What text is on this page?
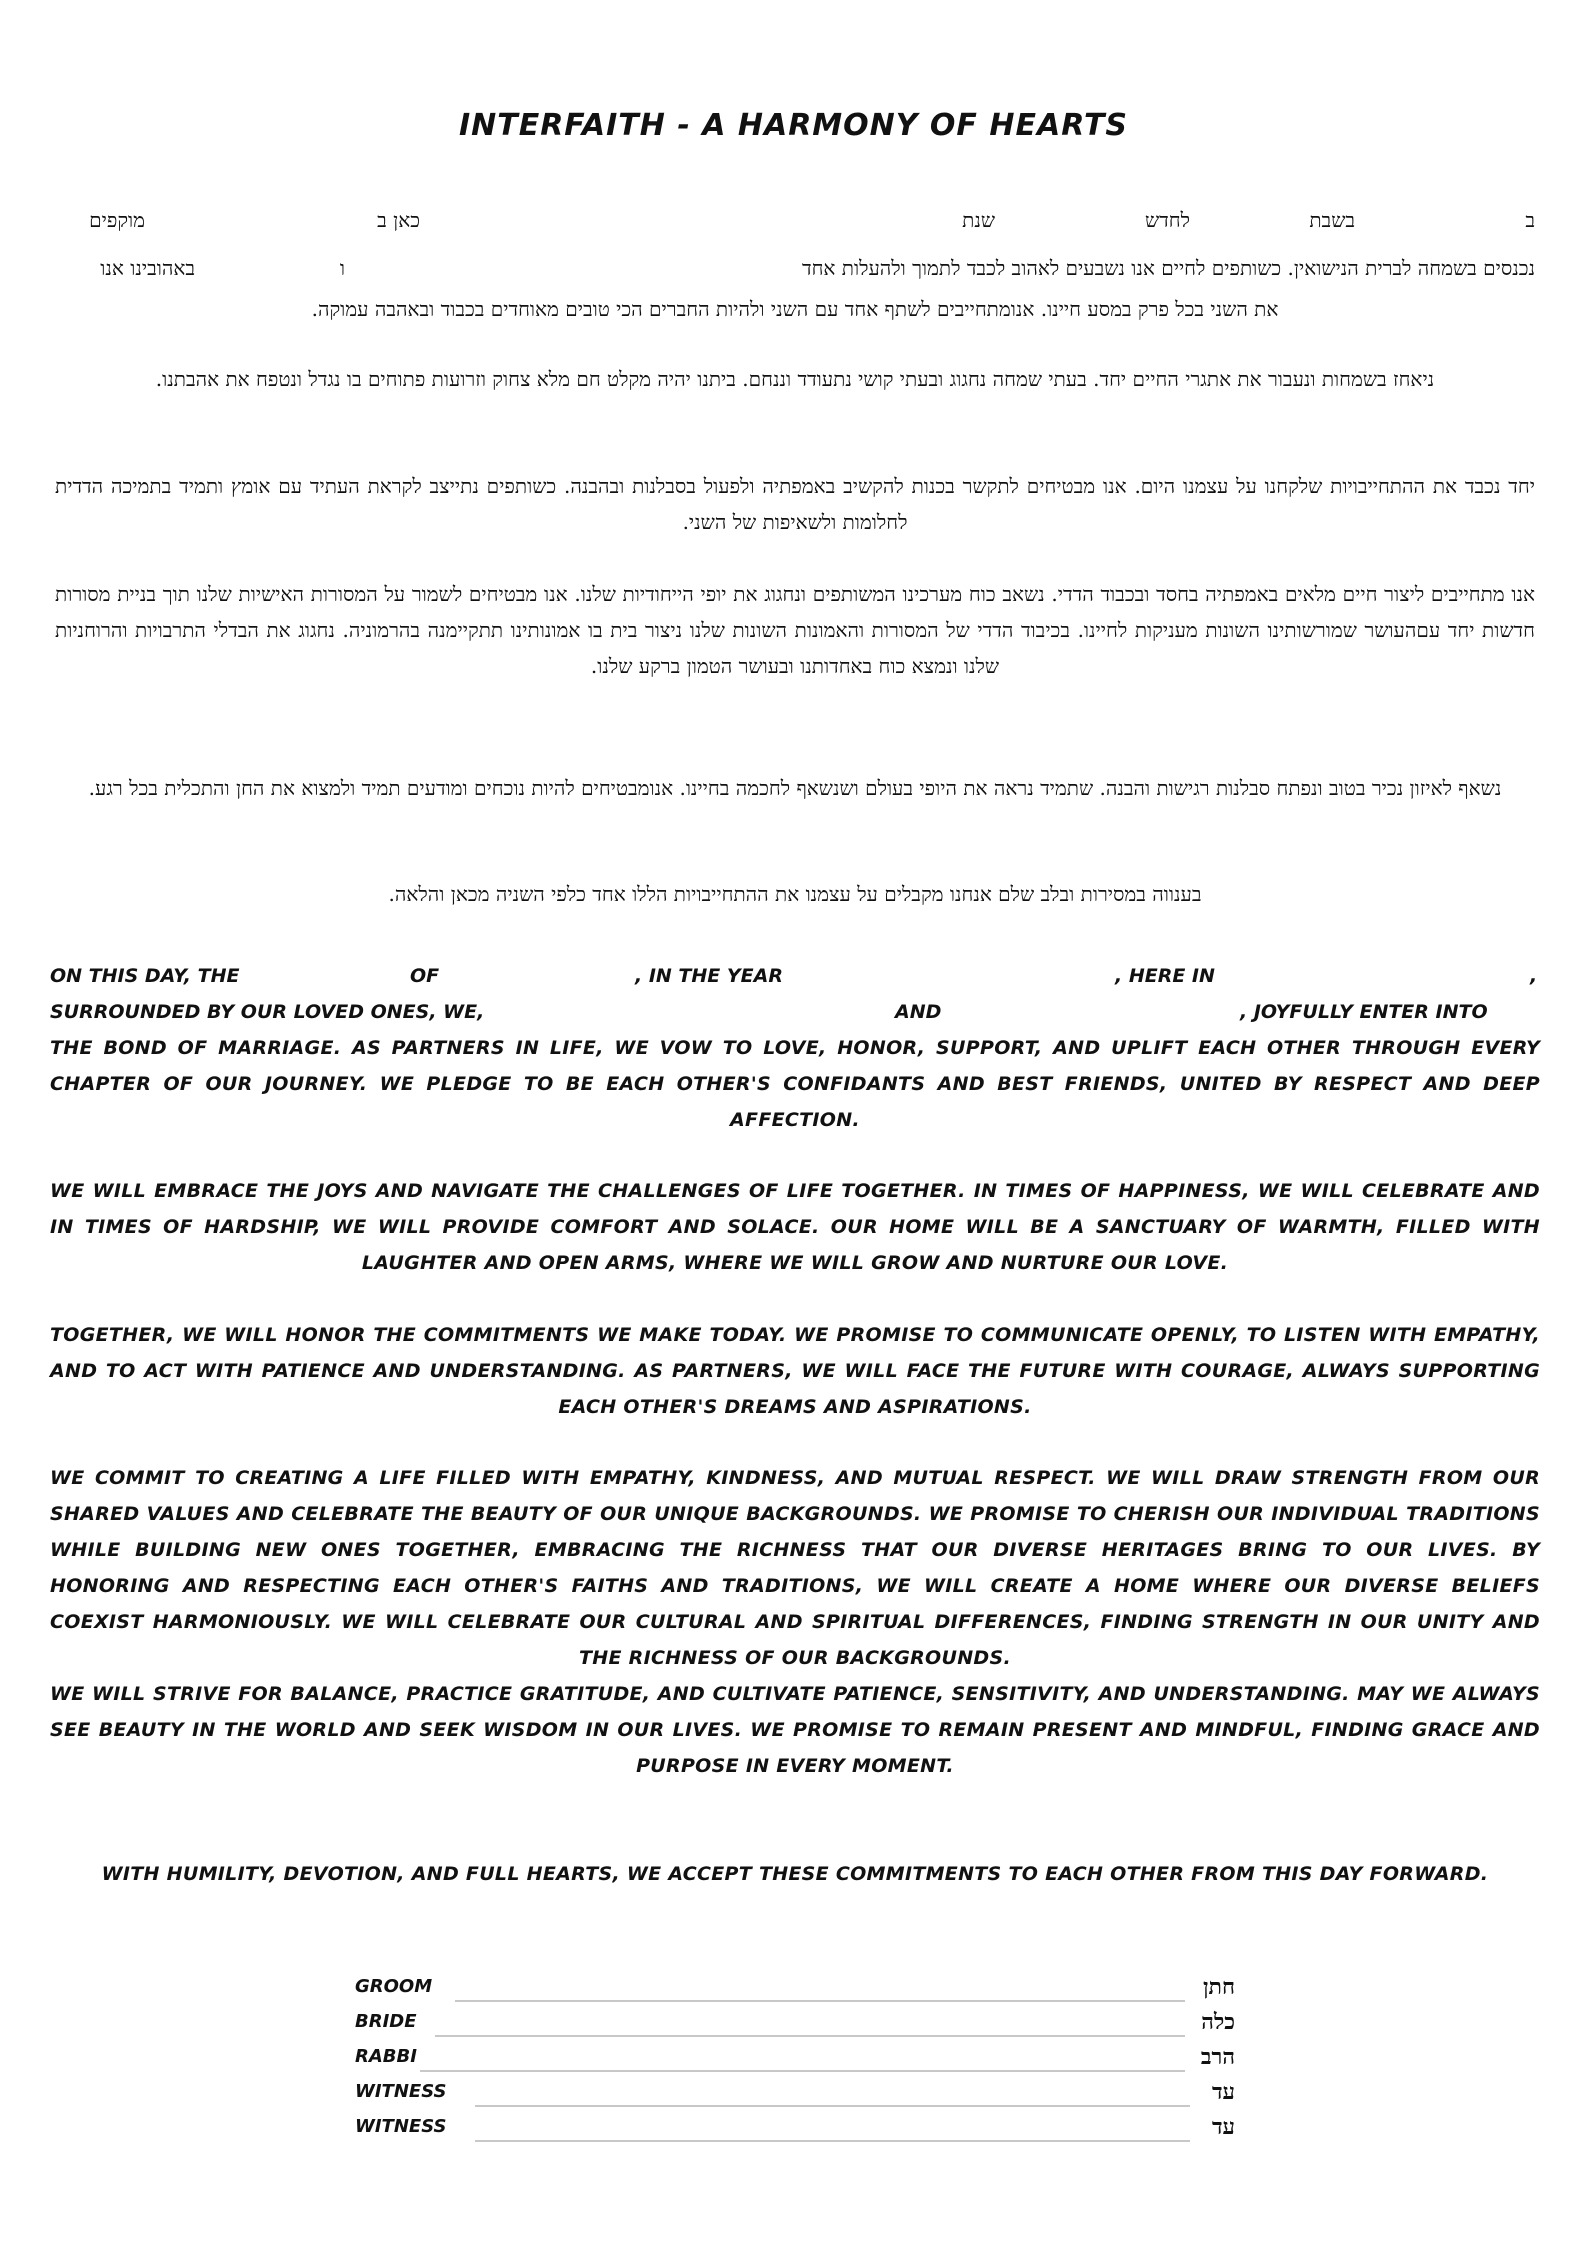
INTERFAITH - A HARMONY OF HEARTS
ב
בשבת
לחדש
שנת
כאן ב
מוקפים
באהובינו אנו	ו	נכנסים בשמחה לברית הנישואין. כשותפים לחיים אנו נשבעים לאהוב לכבד לתמוך ולהעלות אחד

את השני בכל פרק במסע חיינו. אנומתחייבים לשתף אחד עם השני ולהיות החברים הכי טובים מאוחדים בכבוד ובאהבה עמוקה.

ניאחז בשמחות ונעבור את אתגרי החיים יחד. בעתי שמחה נחגוג ובעתי קושי נתעודד וננחם. ביתנו יהיה מקלט חם מלא צחוק וזרועות פתוחים בו נגדל ונטפח את אהבתנו.

יחד נכבד את ההתחייבויות שלקחנו על עצמנו היום. אנו מבטיחים לתקשר בכנות להקשיב באמפתיה ולפעול בסבלנות ובהבנה. כשותפים נתייצב לקראת העתיד עם אומץ ותמיד בתמיכה הדדית לחלומות ולשאיפות של השני.

אנו מתחייבים ליצור חיים מלאים באמפתיה בחסד ובכבוד הדדי. נשאב כוח מערכינו המשותפים ונחגוג את יופי הייחודיות שלנו. אנו מבטיחים לשמור על המסורות האישיות שלנו תוך בניית מסורות חדשות יחד עםהעושר שמורשותינו השונות מעניקות לחיינו. בכיבוד הדדי של המסורות והאמונות השונות שלנו ניצור בית בו אמונותינו תתקיימנה בהרמוניה. נחגוג את הבדלי התרבויות והרוחניות שלנו ונמצא כוח באחדותנו ובעושר הטמון ברקע שלנו.

נשאף לאיזון נכיר בטוב ונפתח סבלנות רגישות והבנה. שתמיד נראה את היופי בעולם ושנשאף לחכמה בחיינו. אנומבטיחים להיות נוכחים ומודעים תמיד ולמצוא את החן והתכלית בכל רגע.

בענווה במסירות ובלב שלם אנחנו מקבלים על עצמנו את ההתחייבויות הללו אחד כלפי השניה מכאן והלאה.

ON THIS DAY, THE	OF	, IN THE YEAR	, HERE IN	,
SURROUNDED BY OUR LOVED ONES, WE,	AND	, JOYFULLY ENTER INTO

THE BOND OF MARRIAGE. AS PARTNERS IN LIFE, WE VOW TO LOVE, HONOR, SUPPORT, AND UPLIFT EACH OTHER THROUGH EVERY CHAPTER OF OUR JOURNEY. WE PLEDGE TO BE EACH OTHER'S CONFIDANTS AND BEST FRIENDS, UNITED BY RESPECT AND DEEP AFFECTION.

WE WILL EMBRACE THE JOYS AND NAVIGATE THE CHALLENGES OF LIFE TOGETHER. IN TIMES OF HAPPINESS, WE WILL CELEBRATE AND IN TIMES OF HARDSHIP, WE WILL PROVIDE COMFORT AND SOLACE. OUR HOME WILL BE A SANCTUARY OF WARMTH, FILLED WITH LAUGHTER AND OPEN ARMS, WHERE WE WILL GROW AND NURTURE OUR LOVE.

TOGETHER, WE WILL HONOR THE COMMITMENTS WE MAKE TODAY. WE PROMISE TO COMMUNICATE OPENLY, TO LISTEN WITH EMPATHY, AND TO ACT WITH PATIENCE AND UNDERSTANDING. AS PARTNERS, WE WILL FACE THE FUTURE WITH COURAGE, ALWAYS SUPPORTING EACH OTHER'S DREAMS AND ASPIRATIONS.

WE COMMIT TO CREATING A LIFE FILLED WITH EMPATHY, KINDNESS, AND MUTUAL RESPECT. WE WILL DRAW STRENGTH FROM OUR SHARED VALUES AND CELEBRATE THE BEAUTY OF OUR UNIQUE BACKGROUNDS. WE PROMISE TO CHERISH OUR INDIVIDUAL TRADITIONS WHILE BUILDING NEW ONES TOGETHER, EMBRACING THE RICHNESS THAT OUR DIVERSE HERITAGES BRING TO OUR LIVES. BY HONORING AND RESPECTING EACH OTHER'S FAITHS AND TRADITIONS, WE WILL CREATE A HOME WHERE OUR DIVERSE BELIEFS COEXIST HARMONIOUSLY. WE WILL CELEBRATE OUR CULTURAL AND SPIRITUAL DIFFERENCES, FINDING STRENGTH IN OUR UNITY AND THE RICHNESS OF OUR BACKGROUNDS.

WE WILL STRIVE FOR BALANCE, PRACTICE GRATITUDE, AND CULTIVATE PATIENCE, SENSITIVITY, AND UNDERSTANDING. MAY WE ALWAYS SEE BEAUTY IN THE WORLD AND SEEK WISDOM IN OUR LIVES. WE PROMISE TO REMAIN PRESENT AND MINDFUL, FINDING GRACE AND PURPOSE IN EVERY MOMENT.

WITH HUMILITY, DEVOTION, AND FULL HEARTS, WE ACCEPT THESE COMMITMENTS TO EACH OTHER FROM THIS DAY FORWARD.

GROOM	חתן
BRIDE	כלה
RABBI	הרב
WITNESS	עד
WITNESS	עד
